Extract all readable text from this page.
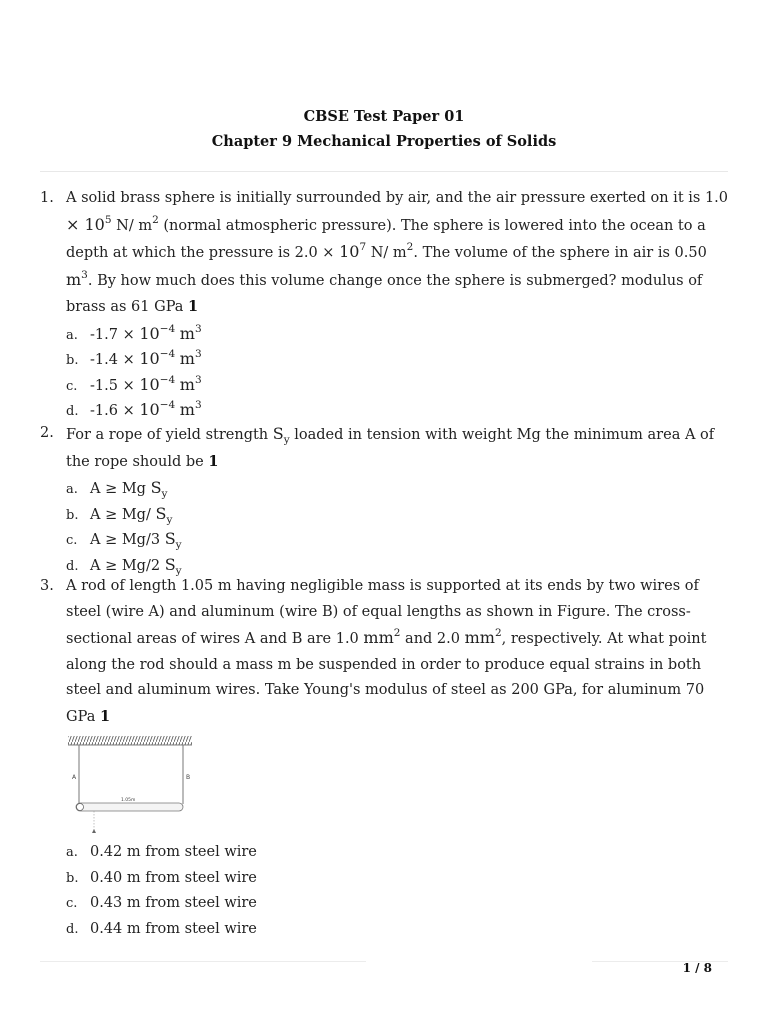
CBSE Test Paper 01
Chapter 9 Mechanical Properties of Solids
1. A solid brass sphere is initially surrounded by air, and the air pressure exerted on it is $1.0 \times 10^5$ N/ $m^2$ (normal atmospheric pressure). The sphere is lowered into the ocean to a depth at which the pressure is $2.0 \times 10^7$ N/ $m^2$. The volume of the sphere in air is 0.50 $m^3$. By how much does this volume change once the sphere is submerged? modulus of brass as 61 GPa 1
a. $-1.7 \times 10^{-4}$ $m^3$
b. $-1.4 \times 10^{-4}$ $m^3$
c. $-1.5 \times 10^{-4}$ $m^3$
d. $-1.6 \times 10^{-4}$ $m^3$
2. For a rope of yield strength $S_y$ loaded in tension with weight Mg the minimum area A of the rope should be 1
a. A ≥ Mg $S_y$
b. A ≥ Mg/ $S_y$
c. A ≥ Mg/3 $S_y$
d. A ≥ Mg/2 $S_y$
3. A rod of length 1.05 m having negligible mass is supported at its ends by two wires of steel (wire A) and aluminum (wire B) of equal lengths as shown in Figure. The cross-sectional areas of wires A and B are 1.0 $mm^2$ and 2.0 $mm^2$, respectively. At what point along the rod should a mass m be suspended in order to produce equal strains in both steel and aluminum wires. Take Young's modulus of steel as 200 GPa, for aluminum 70 GPa 1
A	B
1.05m
a. 0.42 m from steel wire
b. 0.40 m from steel wire
c. 0.43 m from steel wire
d. 0.44 m from steel wire
1 / 8
